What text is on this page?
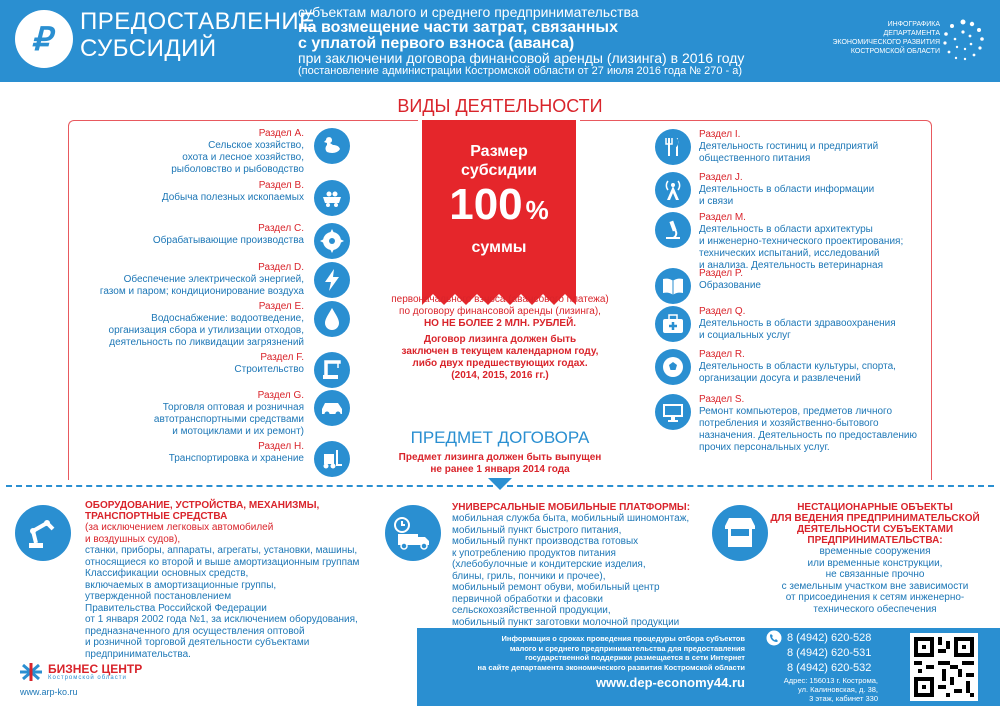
₽ ПРЕДОСТАВЛЕНИЕ
СУБСИДИЙ
субъектам малого и среднего предпринимательства
на возмещение части затрат, связанных
с уплатой первого взноса (аванса)
при заключении договора финансовой аренды (лизинга) в 2016 году
(постановление администрации Костромской области от 27 июля 2016 года № 270 - а)
ИНФОГРАФИКА
ДЕПАРТАМЕНТА
ЭКОНОМИЧЕСКОГО РАЗВИТИЯ
КОСТРОМСКОЙ ОБЛАСТИ
ВИДЫ ДЕЯТЕЛЬНОСТИ
Раздел А.
Сельское хозяйство,
охота и лесное хозяйство,
рыболовство и рыбоводство
Раздел В.
Добыча полезных ископаемых
Раздел С.
Обрабатывающие производства
Раздел D.
Обеспечение электрической энергией,
газом и паром; кондиционирование воздуха
Раздел E.
Водоснабжение: водоотведение,
организация сбора и утилизации отходов,
деятельность по ликвидации загрязнений
Раздел F.
Строительство
Раздел G.
Торговля оптовая и розничная
автотранспортными средствами
и мотоциклами и их ремонт)
Раздел H.
Транспортировка и хранение
Размер
субсидии
100 %
суммы
первоначального взноса (авансового платежа)
по договору финансовой аренды (лизинга),
НО НЕ БОЛЕЕ 2 МЛН. РУБЛЕЙ.
Договор лизинга должен быть
заключен в текущем календарном году,
либо двух предшествующих годах.
(2014, 2015, 2016 гг.)
ПРЕДМЕТ ДОГОВОРА
Предмет лизинга должен быть выпущен
не ранее 1 января 2014 года
Раздел I.
Деятельность гостиниц и предприятий
общественного питания
Раздел J.
Деятельность в области информации
и связи
Раздел М.
Деятельность в области архитектуры
и инженерно-технического проектирования;
технических испытаний, исследований
и анализа. Деятельность ветеринарная
Раздел P.
Образование
Раздел Q.
Деятельность в области здравоохранения
и социальных услуг
Раздел R.
Деятельность в области культуры, спорта,
организации досуга и развлечений
Раздел S.
Ремонт компьютеров, предметов личного
потребления и хозяйственно-бытового
назначения. Деятельность по предоставлению
прочих персональных услуг.
ОБОРУДОВАНИЕ, УСТРОЙСТВА, МЕХАНИЗМЫ,
ТРАНСПОРТНЫЕ СРЕДСТВА
(за исключением легковых автомобилей
и воздушных судов),
станки, приборы, аппараты, агрегаты, установки, машины,
относящиеся ко второй и выше амортизационным группам
Классификации основных средств,
включаемых в амортизационные группы,
утвержденной постановлением
Правительства Российской Федерации
от 1 января 2002 года №1, за исключением оборудования,
предназначенного для осуществления оптовой
и розничной торговой деятельности субъектами
предпринимательства.
УНИВЕРСАЛЬНЫЕ МОБИЛЬНЫЕ ПЛАТФОРМЫ:
мобильная служба быта, мобильный шиномонтаж,
мобильный пункт быстрого питания,
мобильный пункт производства готовых
к употреблению продуктов питания
(хлебобулочные и кондитерские изделия,
блины, гриль, пончики и прочее),
мобильный ремонт обуви, мобильный центр
первичной обработки и фасовки
сельскохозяйственной продукции,
мобильный пункт заготовки молочной продукции
НЕСТАЦИОНАРНЫЕ ОБЪЕКТЫ
ДЛЯ ВЕДЕНИЯ ПРЕДПРИНИМАТЕЛЬСКОЙ
ДЕЯТЕЛЬНОСТИ СУБЪЕКТАМИ
ПРЕДПРИНИМАТЕЛЬСТВА:
временные сооружения
или временные конструкции,
не связанные прочно
с земельным участком вне зависимости
от присоединения к сетям инженерно-
технического обеспечения
БИЗНЕС ЦЕНТР
Костромской области
www.arp-ko.ru
Информация о сроках проведения процедуры отбора субъектов
малого и среднего предпринимательства для предоставления
государственной поддержки размещается в сети Интернет
на сайте департамента экономического развития Костромской области
www.dep-economy44.ru
8 (4942) 620-528
8 (4942) 620-531
8 (4942) 620-532
Адрес: 156013 г. Кострома,
ул. Калиновская, д. 38,
3 этаж, кабинет 330
